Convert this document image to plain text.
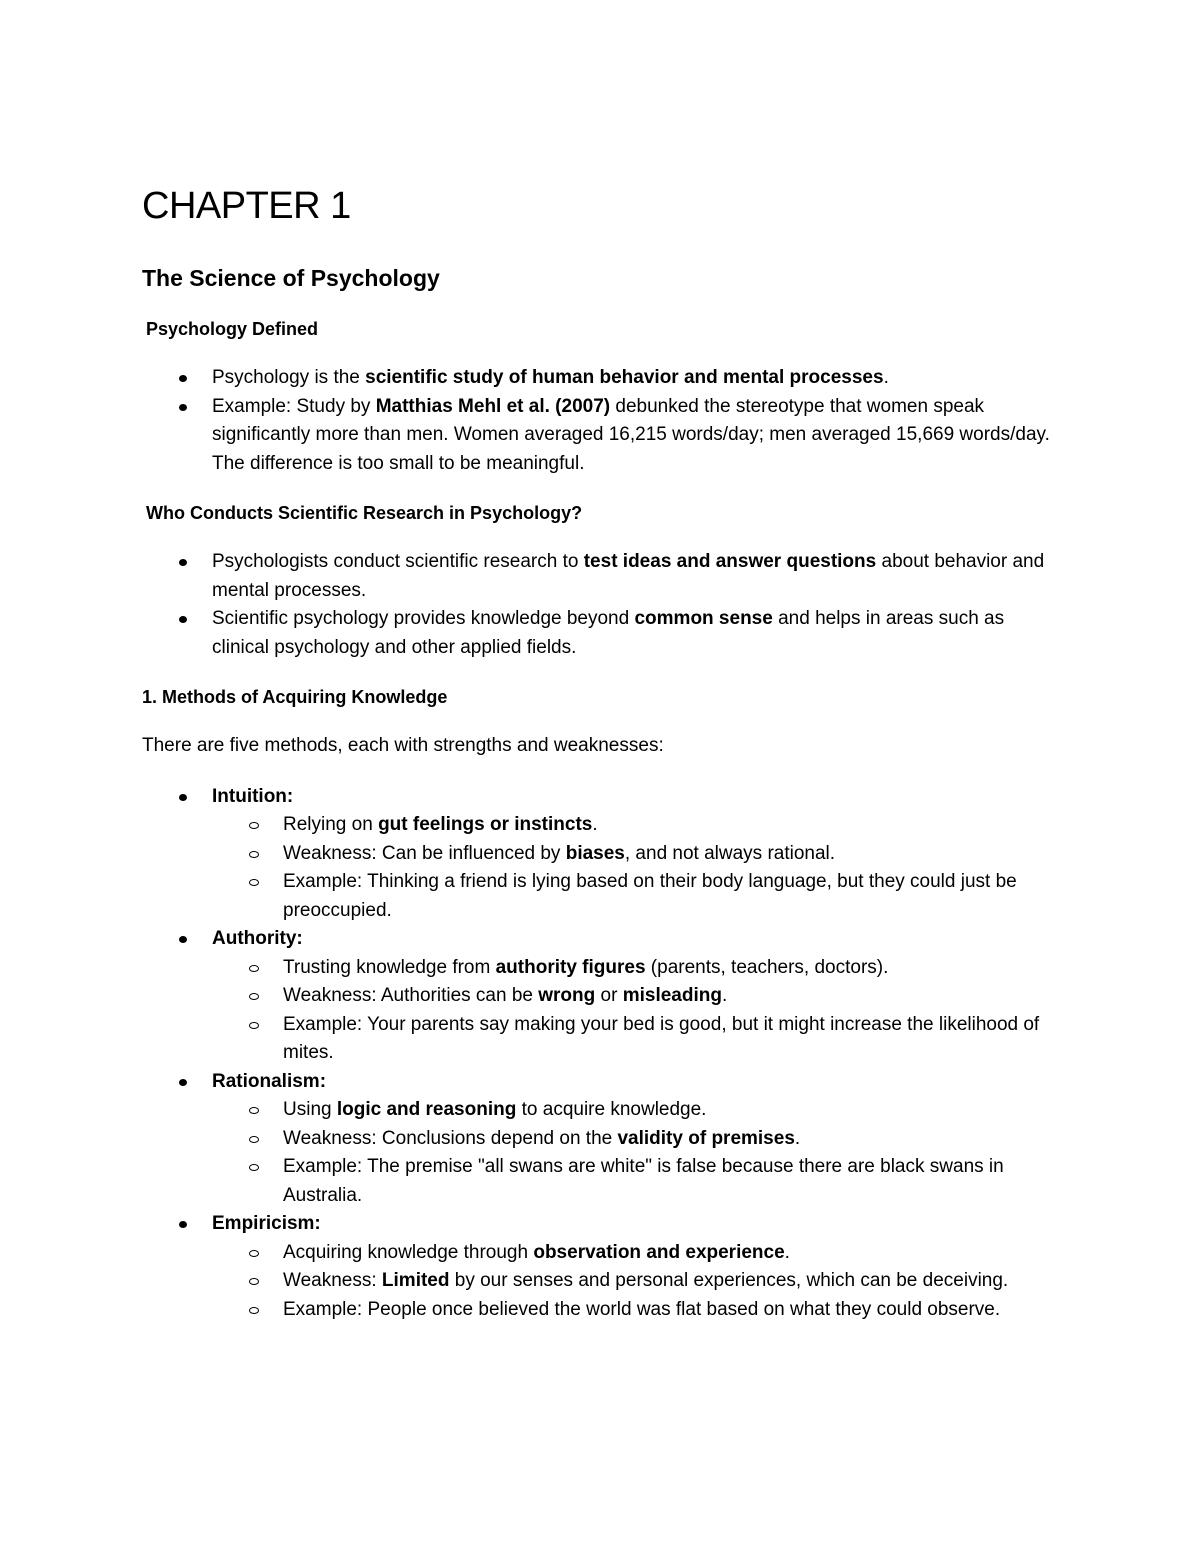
CHAPTER 1
The Science of Psychology
Psychology Defined
Psychology is the scientific study of human behavior and mental processes.
Example: Study by Matthias Mehl et al. (2007) debunked the stereotype that women speak significantly more than men. Women averaged 16,215 words/day; men averaged 15,669 words/day. The difference is too small to be meaningful.
Who Conducts Scientific Research in Psychology?
Psychologists conduct scientific research to test ideas and answer questions about behavior and mental processes.
Scientific psychology provides knowledge beyond common sense and helps in areas such as clinical psychology and other applied fields.
1. Methods of Acquiring Knowledge
There are five methods, each with strengths and weaknesses:
Intuition:
Relying on gut feelings or instincts.
Weakness: Can be influenced by biases, and not always rational.
Example: Thinking a friend is lying based on their body language, but they could just be preoccupied.
Authority:
Trusting knowledge from authority figures (parents, teachers, doctors).
Weakness: Authorities can be wrong or misleading.
Example: Your parents say making your bed is good, but it might increase the likelihood of mites.
Rationalism:
Using logic and reasoning to acquire knowledge.
Weakness: Conclusions depend on the validity of premises.
Example: The premise "all swans are white" is false because there are black swans in Australia.
Empiricism:
Acquiring knowledge through observation and experience.
Weakness: Limited by our senses and personal experiences, which can be deceiving.
Example: People once believed the world was flat based on what they could observe.
